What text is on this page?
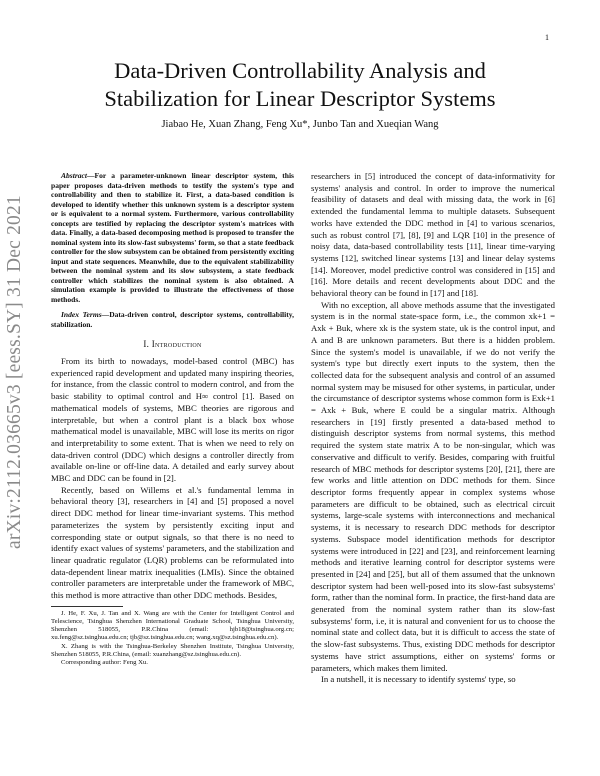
1
arXiv:2112.03665v3 [eess.SY] 31 Dec 2021
Data-Driven Controllability Analysis and Stabilization for Linear Descriptor Systems
Jiabao He, Xuan Zhang, Feng Xu*, Junbo Tan and Xueqian Wang

Abstract—For a parameter-unknown linear descriptor system, this paper proposes data-driven methods to testify the system's type and controllability and then to stabilize it. First, a data-based condition is developed to identify whether this unknown system is a descriptor system or is equivalent to a normal system. Furthermore, various controllability concepts are testified by replacing the descriptor system's matrices with data. Finally, a data-based decomposing method is proposed to transfer the nominal system into its slow-fast subsystems' form, so that a state feedback controller for the slow subsystem can be obtained from persistently exciting input and state sequences. Meanwhile, due to the equivalent stabilizability between the nominal system and its slow subsystem, a state feedback controller which stabilizes the nominal system is also obtained. A simulation example is provided to illustrate the effectiveness of those methods.

Index Terms—Data-driven control, descriptor systems, controllability, stabilization.

I. Introduction

From its birth to nowadays, model-based control (MBC) has experienced rapid development and updated many inspiring theories, for instance, from the classic control to modern control, and from the basic stability to optimal control and H∞ control [1]. Based on mathematical models of systems, MBC theories are rigorous and interpretable, but when a control plant is a black box whose mathematical model is unavailable, MBC will lose its merits on rigor and interpretability to some extent. That is when we need to rely on data-driven control (DDC) which designs a controller directly from available on-line or off-line data. A detailed and early survey about MBC and DDC can be found in [2].

Recently, based on Willems et al.'s fundamental lemma in behavioral theory [3], researchers in [4] and [5] proposed a novel direct DDC method for linear time-invariant systems. This method parameterizes the system by persistently exciting input and corresponding state or output signals, so that there is no need to identify exact values of systems' parameters, and the stabilization and linear quadratic regulator (LQR) problems can be reformulated into data-dependent linear matrix inequalities (LMIs). Since the obtained controller parameters are interpretable under the framework of MBC, this method is more attractive than other DDC methods. Besides,

J. He, F. Xu, J. Tan and X. Wang are with the Center for Intelligent Control and Telescience, Tsinghua Shenzhen International Graduate School, Tsinghua University, Shenzhen 518055, P.R.China (email: hjb18@tsinghua.org.cn; xu.feng@sz.tsinghua.edu.cn; tjb@sz.tsinghua.edu.cn; wang.xq@sz.tsinghua.edu.cn).

X. Zhang is with the Tsinghua-Berkeley Shenzhen Institute, Tsinghua University, Shenzhen 518055, P.R.China, (email: xuanzhang@sz.tsinghua.edu.cn).

Corresponding author: Feng Xu.

researchers in [5] introduced the concept of data-informativity for systems' analysis and control. In order to improve the numerical feasibility of datasets and deal with missing data, the work in [6] extended the fundamental lemma to multiple datasets. Subsequent works have extended the DDC method in [4] to various scenarios, such as robust control [7], [8], [9] and LQR [10] in the presence of noisy data, data-based controllability tests [11], linear time-varying systems [12], switched linear systems [13] and linear delay systems [14]. Moreover, model predictive control was considered in [15] and [16]. More details and recent developments about DDC and the behavioral theory can be found in [17] and [18].

With no exception, all above methods assume that the investigated system is in the normal state-space form, i.e., the common xk+1 = Axk + Buk, where xk is the system state, uk is the control input, and A and B are unknown parameters. But there is a hidden problem. Since the system's model is unavailable, if we do not verify the system's type but directly exert inputs to the system, then the collected data for the subsequent analysis and control of an assumed normal system may be misused for other systems, in particular, under the circumstance of descriptor systems whose common form is Exk+1 = Axk + Buk, where E could be a singular matrix. Although researchers in [19] firstly presented a data-based method to distinguish descriptor systems from normal systems, this method required the system state matrix A to be non-singular, which was conservative and difficult to verify. Besides, comparing with fruitful research of MBC methods for descriptor systems [20], [21], there are few works and little attention on DDC methods for them. Since descriptor forms frequently appear in complex systems whose parameters are difficult to be obtained, such as electrical circuit systems, large-scale systems with interconnections and mechanical systems, it is necessary to research DDC methods for descriptor systems. Subspace model identification methods for descriptor systems were introduced in [22] and [23], and reinforcement learning methods and iterative learning control for descriptor systems were presented in [24] and [25], but all of them assumed that the unknown descriptor system had been well-posed into its slow-fast subsystems' form, rather than the nominal form. In practice, the first-hand data are generated from the nominal system rather than its slow-fast subsystems' form, i.e, it is natural and convenient for us to choose the nominal state and collect data, but it is difficult to access the state of the slow-fast subsystems. Thus, existing DDC methods for descriptor systems have strict assumptions, either on systems' forms or parameters, which makes them limited.

In a nutshell, it is necessary to identify systems' type, so
